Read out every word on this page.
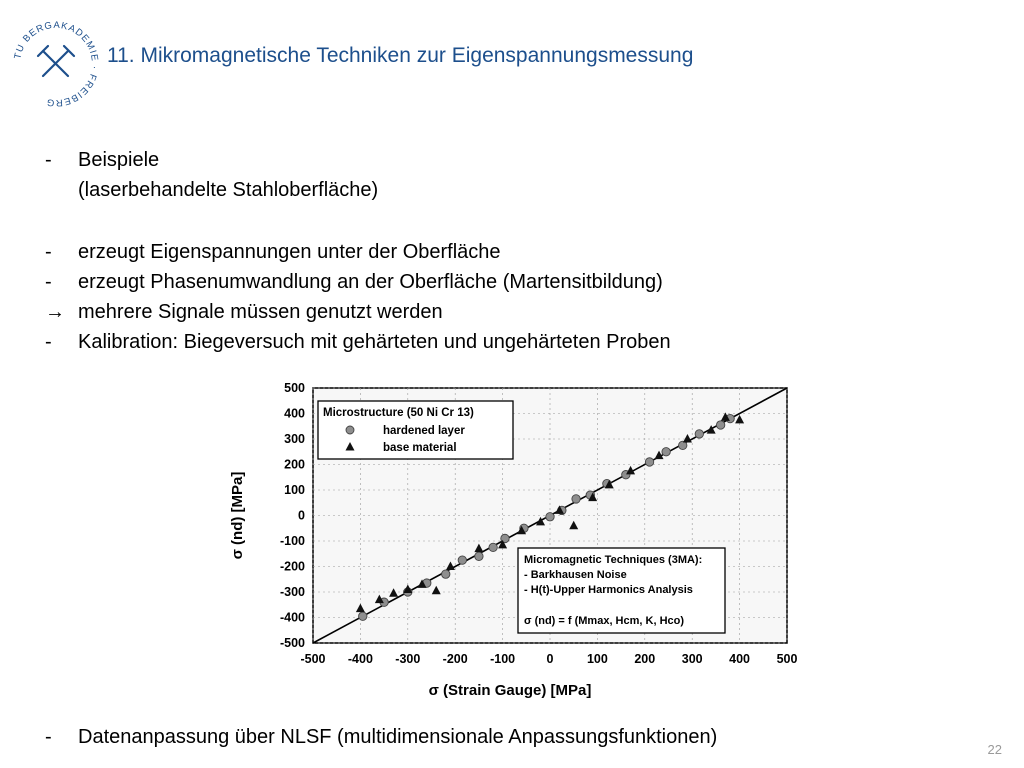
TU BERGAKADEMIE · FREIBERG
11. Mikromagnetische Techniken zur Eigenspannungsmessung
-	Beispiele
(laserbehandelte Stahloberfläche)
-	erzeugt Eigenspannungen unter der Oberfläche
-	erzeugt Phasenumwandlung an der Oberfläche (Martensitbildung)
→ mehrere Signale müssen genutzt werden
-	Kalibration: Biegeversuch mit gehärteten und ungehärteten Proben
-500 -400 -300 -200 -100	0	100 200 300 400 500
500
400
300
200
100
0
-100
-200
-300
-400
-500
σ (Strain Gauge) [MPa]
σ (nd) [MPa]
Microstructure (50 Ni Cr 13)
hardened layer
base material
Micromagnetic Techniques (3MA):
- Barkhausen Noise
- H(t)-Upper Harmonics Analysis
σ (nd) = f (Mmax, Hcm, K, Hco)
-	Datenanpassung über NLSF (multidimensionale Anpassungsfunktionen)
22
